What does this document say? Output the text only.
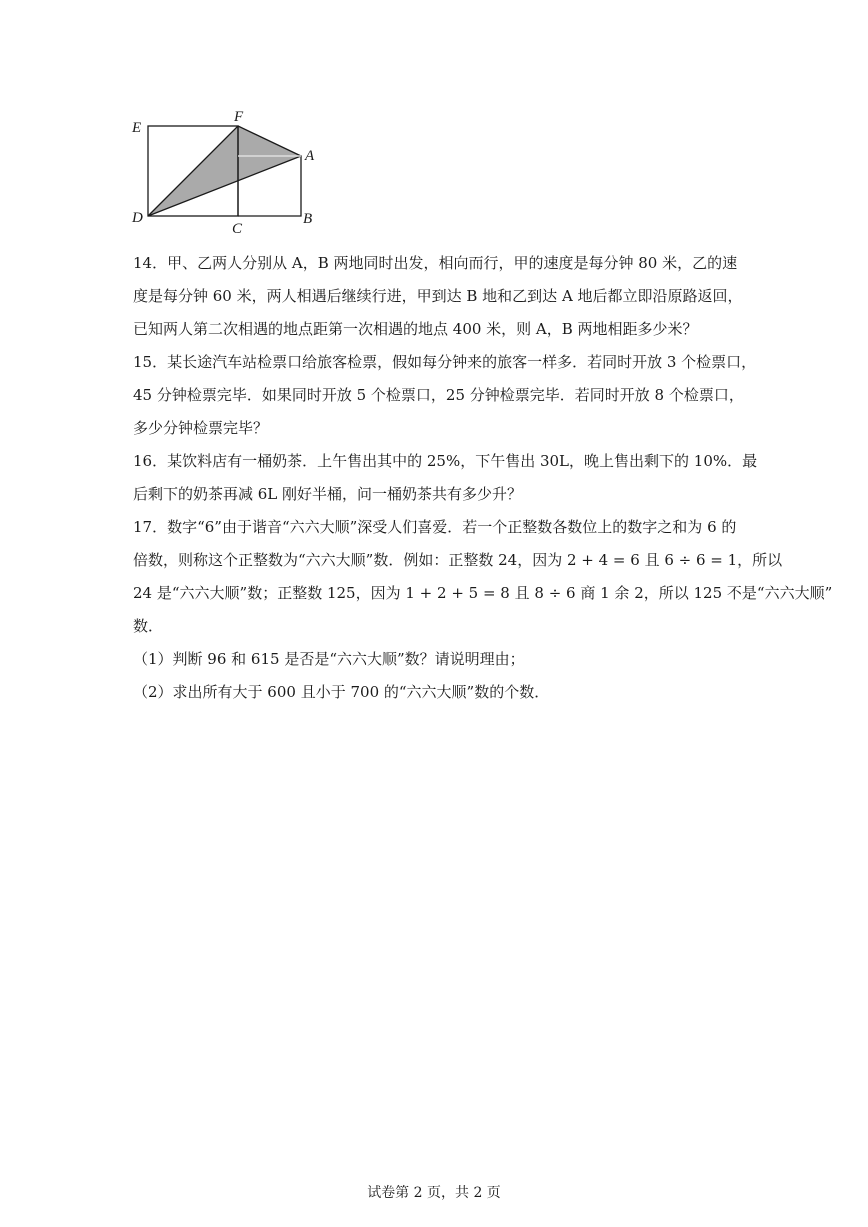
E
F
A
D
C
B

14．甲、乙两人分别从 A，B 两地同时出发，相向而行，甲的速度是每分钟 80 米，乙的速
度是每分钟 60 米，两人相遇后继续行进，甲到达 B 地和乙到达 A 地后都立即沿原路返回，
已知两人第二次相遇的地点距第一次相遇的地点 400 米，则 A，B 两地相距多少米？

15．某长途汽车站检票口给旅客检票，假如每分钟来的旅客一样多．若同时开放 3 个检票口，
45 分钟检票完毕．如果同时开放 5 个检票口，25 分钟检票完毕．若同时开放 8 个检票口，
多少分钟检票完毕？

16．某饮料店有一桶奶茶．上午售出其中的 25%，下午售出 30L，晚上售出剩下的 10%．最
后剩下的奶茶再减 6L 刚好半桶，问一桶奶茶共有多少升？

17．数字“6”由于谐音“六六大顺”深受人们喜爱．若一个正整数各数位上的数字之和为 6 的
倍数，则称这个正整数为“六六大顺”数．例如：正整数 24，因为 2 + 4 = 6 且 6 ÷ 6 = 1，所以
24 是“六六大顺”数；正整数 125，因为 1 + 2 + 5 = 8 且 8 ÷ 6 商 1 余 2，所以 125 不是“六六大顺”
数．

（1）判断 96 和 615 是否是“六六大顺”数？请说明理由；

（2）求出所有大于 600 且小于 700 的“六六大顺”数的个数．

试卷第 2 页，共 2 页
